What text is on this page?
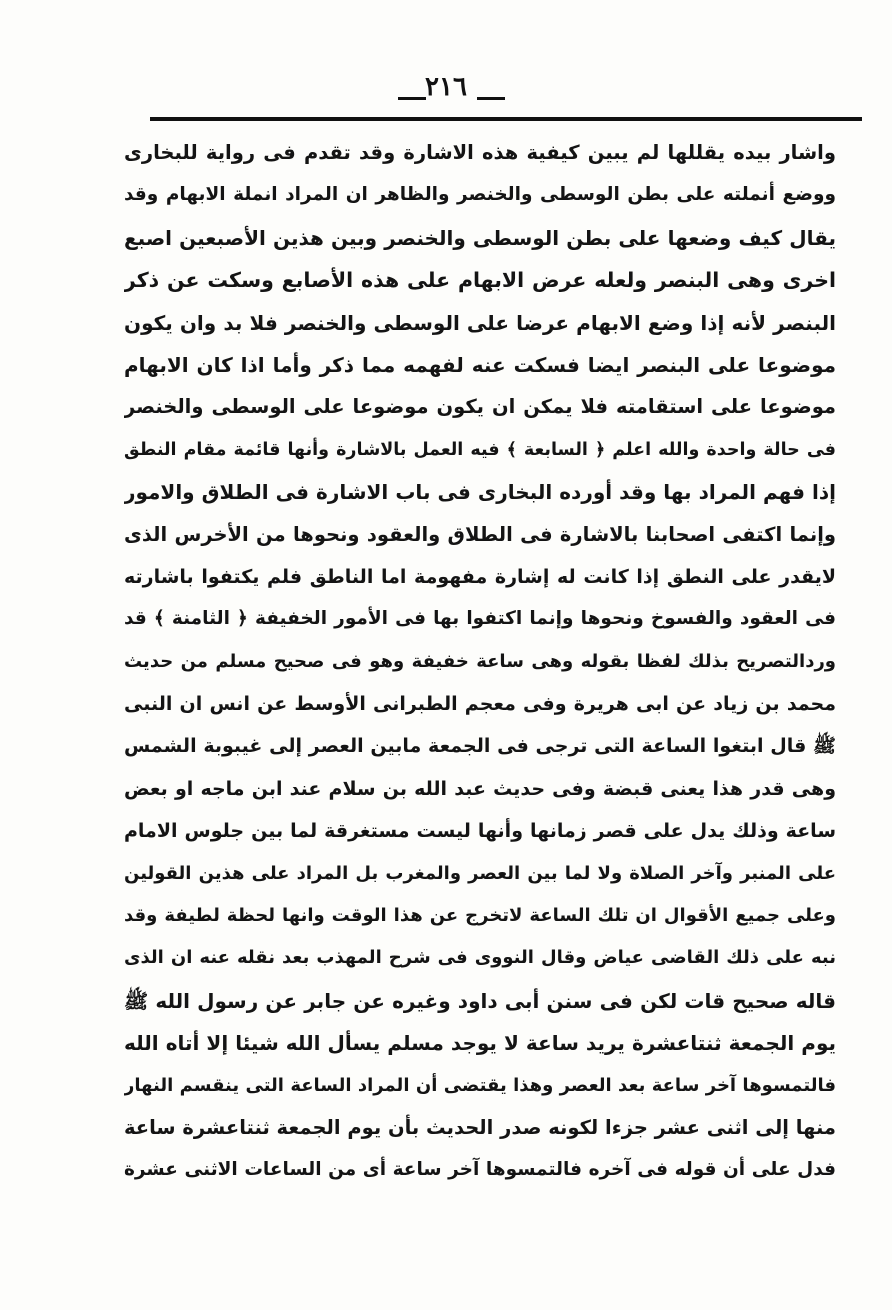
٢١٦
واشار بيده يقللها لم يبين كيفية هذه الاشارة وقد تقدم فى رواية للبخارى
ووضع أنملته على بطن الوسطى والخنصر والظاهر ان المراد انملة الابهام وقد
يقال كيف وضعها على بطن الوسطى والخنصر وبين هذين الأصبعين اصبع
اخرى وهى البنصر ولعله عرض الابهام على هذه الأصابع وسكت عن ذكر
البنصر لأنه إذا وضع الابهام عرضا على الوسطى والخنصر فلا بد وان يكون
موضوعا على البنصر ايضا فسكت عنه لفهمه مما ذكر وأما اذا كان الابهام
موضوعا على استقامته فلا يمكن ان يكون موضوعا على الوسطى والخنصر
فى حالة واحدة والله اعلم ﴿ السابعة ﴾ فيه العمل بالاشارة وأنها قائمة مقام النطق
إذا فهم المراد بها وقد أورده البخارى فى باب الاشارة فى الطلاق والامور
وإنما اكتفى اصحابنا بالاشارة فى الطلاق والعقود ونحوها من الأخرس الذى
لايقدر على النطق إذا كانت له إشارة مفهومة اما الناطق فلم يكتفوا باشارته
فى العقود والفسوخ ونحوها وإنما اكتفوا بها فى الأمور الخفيفة ﴿ الثامنة ﴾ قد
وردالتصريح بذلك لفظا بقوله وهى ساعة خفيفة وهو فى صحيح مسلم من حديث
محمد بن زياد عن ابى هريرة وفى معجم الطبرانى الأوسط عن انس ان النبى
ﷺ قال ابتغوا الساعة التى ترجى فى الجمعة مابين العصر إلى غيبوبة الشمس
وهى قدر هذا يعنى قبضة وفى حديث عبد الله بن سلام عند ابن ماجه او بعض
ساعة وذلك يدل على قصر زمانها وأنها ليست مستغرقة لما بين جلوس الامام
على المنبر وآخر الصلاة ولا لما بين العصر والمغرب بل المراد على هذين القولين
وعلى جميع الأقوال ان تلك الساعة لاتخرج عن هذا الوقت وانها لحظة لطيفة وقد
نبه على ذلك القاضى عياض وقال النووى فى شرح المهذب بعد نقله عنه ان الذى
قاله صحيح قات لكن فى سنن أبى داود وغيره عن جابر عن رسول الله ﷺ
يوم الجمعة ثنتاعشرة يريد ساعة لا يوجد مسلم يسأل الله شيئا إلا أتاه الله
فالتمسوها آخر ساعة بعد العصر وهذا يقتضى أن المراد الساعة التى ينقسم النهار
منها إلى اثنى عشر جزءا لكونه صدر الحديث بأن يوم الجمعة ثنتاعشرة ساعة
فدل على أن قوله فى آخره فالتمسوها آخر ساعة أى من الساعات الاثنى عشرة
